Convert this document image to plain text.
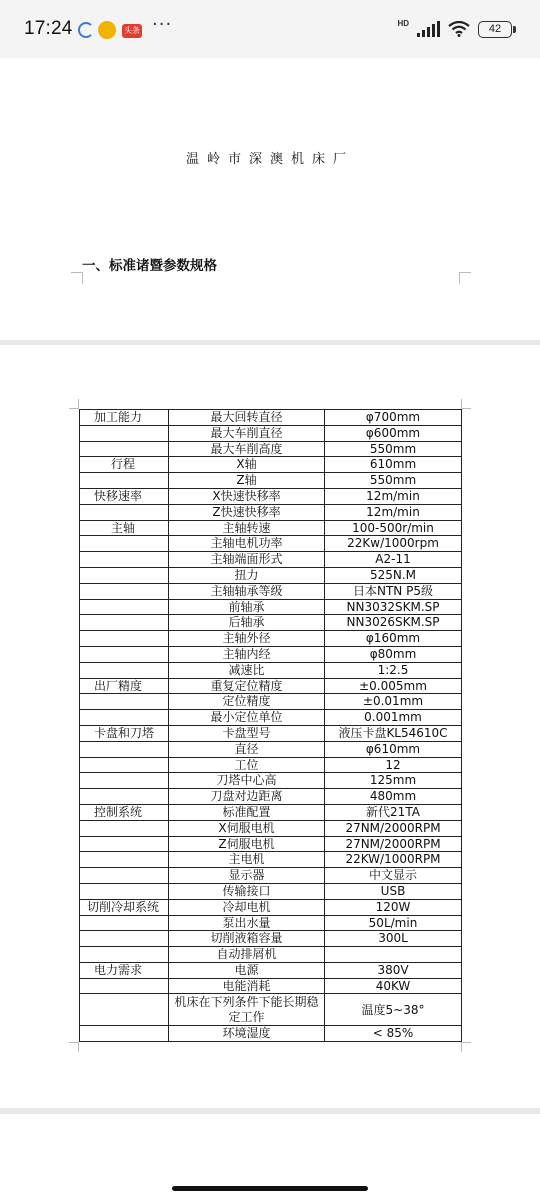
17:24	头条 ···	HD	42
温岭市深澳机床厂
一、标准诸暨参数规格
加工能力	最大回转直径	φ700mm
	最大车削直径	φ600mm
	最大车削高度	550mm
行程	X轴	610mm
	Z轴	550mm
快移速率	X快速快移率	12m/min
	Z快速快移率	12m/min
主轴	主轴转速	100-500r/min
	主轴电机功率	22Kw/1000rpm
	主轴端面形式	A2-11
	扭力	525N.M
	主轴轴承等级	日本NTN P5级
	前轴承	NN3032SKM.SP
	后轴承	NN3026SKM.SP
	主轴外径	φ160mm
	主轴内经	φ80mm
	减速比	1:2.5
出厂精度	重复定位精度	±0.005mm
	定位精度	±0.01mm
	最小定位单位	0.001mm
卡盘和刀塔	卡盘型号	液压卡盘KL54610C
	直径	φ610mm
	工位	12
	刀塔中心高	125mm
	刀盘对边距离	480mm
控制系统	标准配置	新代21TA
	X伺服电机	27NM/2000RPM
	Z伺服电机	27NM/2000RPM
	主电机	22KW/1000RPM
	显示器	中文显示
	传输接口	USB
切削冷却系统	冷却电机	120W
	泵出水量	50L/min
	切削液箱容量	300L
	自动排屑机	
电力需求	电源	380V
	电能消耗	40KW
	机床在下列条件下能长期稳定工作	温度5~38°
	环境湿度	< 85%
